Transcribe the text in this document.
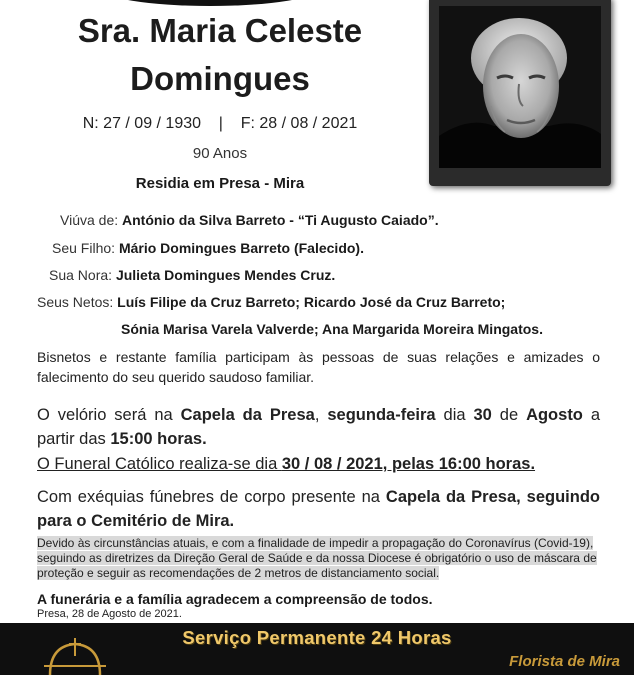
Sra. Maria Celeste
Domingues
N: 27 / 09 / 1930    |    F: 28 / 08 / 2021
90 Anos
Residia em Presa - Mira
Viúva de: António da Silva Barreto - “Ti Augusto Caiado”.
Seu Filho: Mário Domingues Barreto (Falecido).
Sua Nora: Julieta Domingues Mendes Cruz.
Seus Netos: Luís Filipe da Cruz Barreto; Ricardo José da Cruz Barreto;
Sónia Marisa Varela Valverde; Ana Margarida Moreira Mingatos.
Bisnetos e restante família participam às pessoas de suas relações e amizades o falecimento do seu querido saudoso familiar.
O velório será na Capela da Presa, segunda-feira dia 30 de Agosto a partir das 15:00 horas.
O Funeral Católico realiza-se dia 30 / 08 / 2021, pelas 16:00 horas.
Com exéquias fúnebres de corpo presente na Capela da Presa, seguindo para o Cemitério de Mira.
Devido às circunstâncias atuais, e com a finalidade de impedir a propagação do Coronavírus (Covid-19), seguindo as diretrizes da Direção Geral de Saúde e da nossa Diocese é obrigatório o uso de máscara de proteção e seguir as recomendações de 2 metros de distanciamento social.
A funerária e a família agradecem a compreensão de todos.
Presa, 28 de Agosto de 2021.
Serviço Permanente 24 Horas
Florista de Mira
